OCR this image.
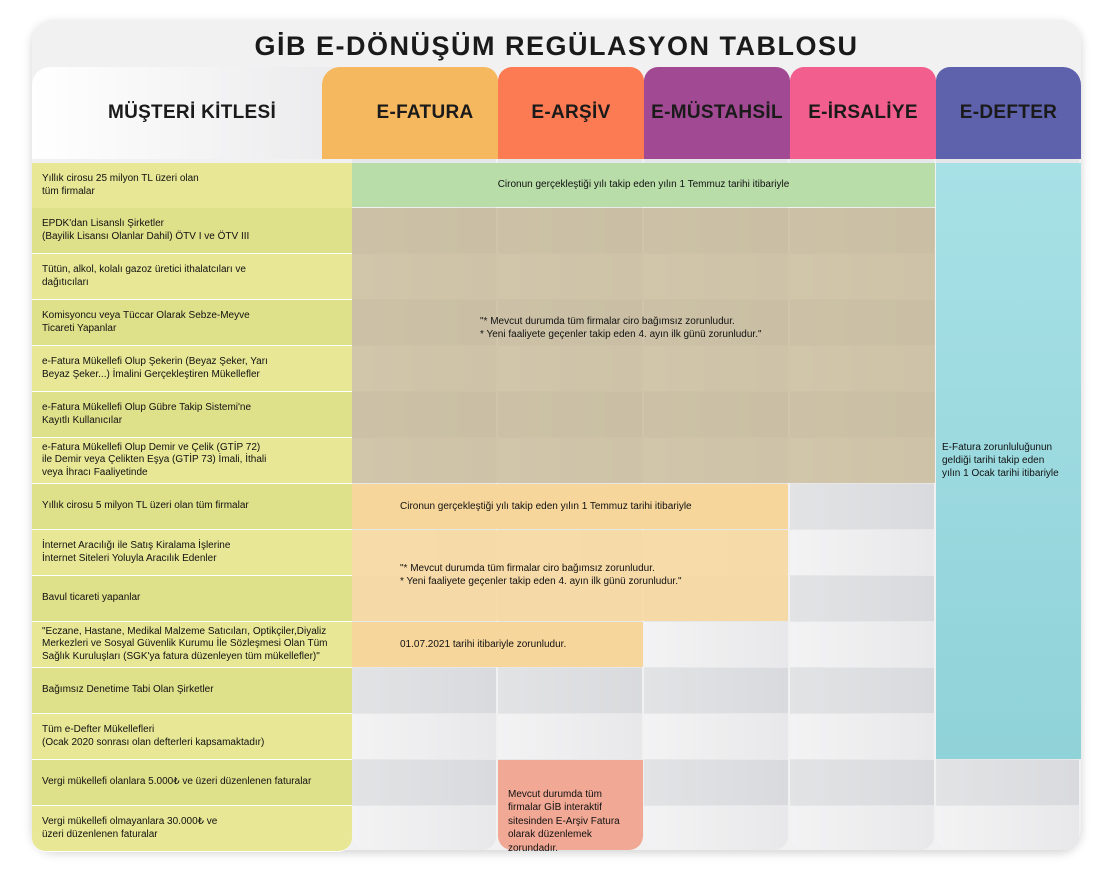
GİB E-DÖNÜŞÜM REGÜLASYON TABLOSU
MÜŞTERİ KİTLESİ	E-FATURA	E-ARŞİV E-MÜSTAHSİL E-İRSALİYE E-DEFTER
Yıllık cirosu 25 milyon TL üzeri olan
tüm firmalar
EPDK'dan Lisanslı Şirketler
(Bayilik Lisansı Olanlar Dahil) ÖTV I ve ÖTV III
Tütün, alkol, kolalı gazoz üretici ithalatcıları ve
dağıtıcıları
Komisyoncu veya Tüccar Olarak Sebze-Meyve
Ticareti Yapanlar
e-Fatura Mükellefi Olup Şekerin (Beyaz Şeker, Yarı
Beyaz Şeker...) İmalini Gerçekleştiren Mükellefler
e-Fatura Mükellefi Olup Gübre Takip Sistemi'ne
Kayıtlı Kullanıcılar
e-Fatura Mükellefi Olup Demir ve Çelik (GTİP 72)
ile Demir veya Çelikten Eşya (GTİP 73) İmali, İthali
veya İhracı Faaliyetinde
Yıllık cirosu 5 milyon TL üzeri olan tüm firmalar
İnternet Aracılığı ile Satış Kiralama İşlerine
İnternet Siteleri Yoluyla Aracılık Edenler
Bavul ticareti yapanlar
"Eczane, Hastane, Medikal Malzeme Satıcıları, Optikçiler,Diyaliz
Merkezleri ve Sosyal Güvenlik Kurumu İle Sözleşmesi Olan Tüm
Sağlık Kuruluşları (SGK'ya fatura düzenleyen tüm mükellefler)"
Bağımsız Denetime Tabi Olan Şirketler
Tüm e-Defter Mükellefleri
(Ocak 2020 sonrası olan defterleri kapsamaktadır)
Vergi mükellefi olanlara 5.000₺ ve üzeri düzenlenen faturalar
Vergi mükellefi olmayanlara 30.000₺ ve
üzeri düzenlenen faturalar
Cironun gerçekleştiği yılı takip eden yılın 1 Temmuz tarihi itibariyle
"* Mevcut durumda tüm firmalar ciro bağımsız zorunludur.
* Yeni faaliyete geçenler takip eden 4. ayın ilk günü zorunludur."
Cironun gerçekleştiği yılı takip eden yılın 1 Temmuz tarihi itibariyle
"* Mevcut durumda tüm firmalar ciro bağımsız zorunludur.
* Yeni faaliyete geçenler takip eden 4. ayın ilk günü zorunludur."
01.07.2021 tarihi itibariyle zorunludur.
E-Fatura zorunluluğunun
geldiği tarihi takip eden
yılın 1 Ocak tarihi itibariyle

Mevcut durumda tüm
firmalar GİB interaktif
sitesinden E-Arşiv Fatura
olarak düzenlemek
zorundadır.
